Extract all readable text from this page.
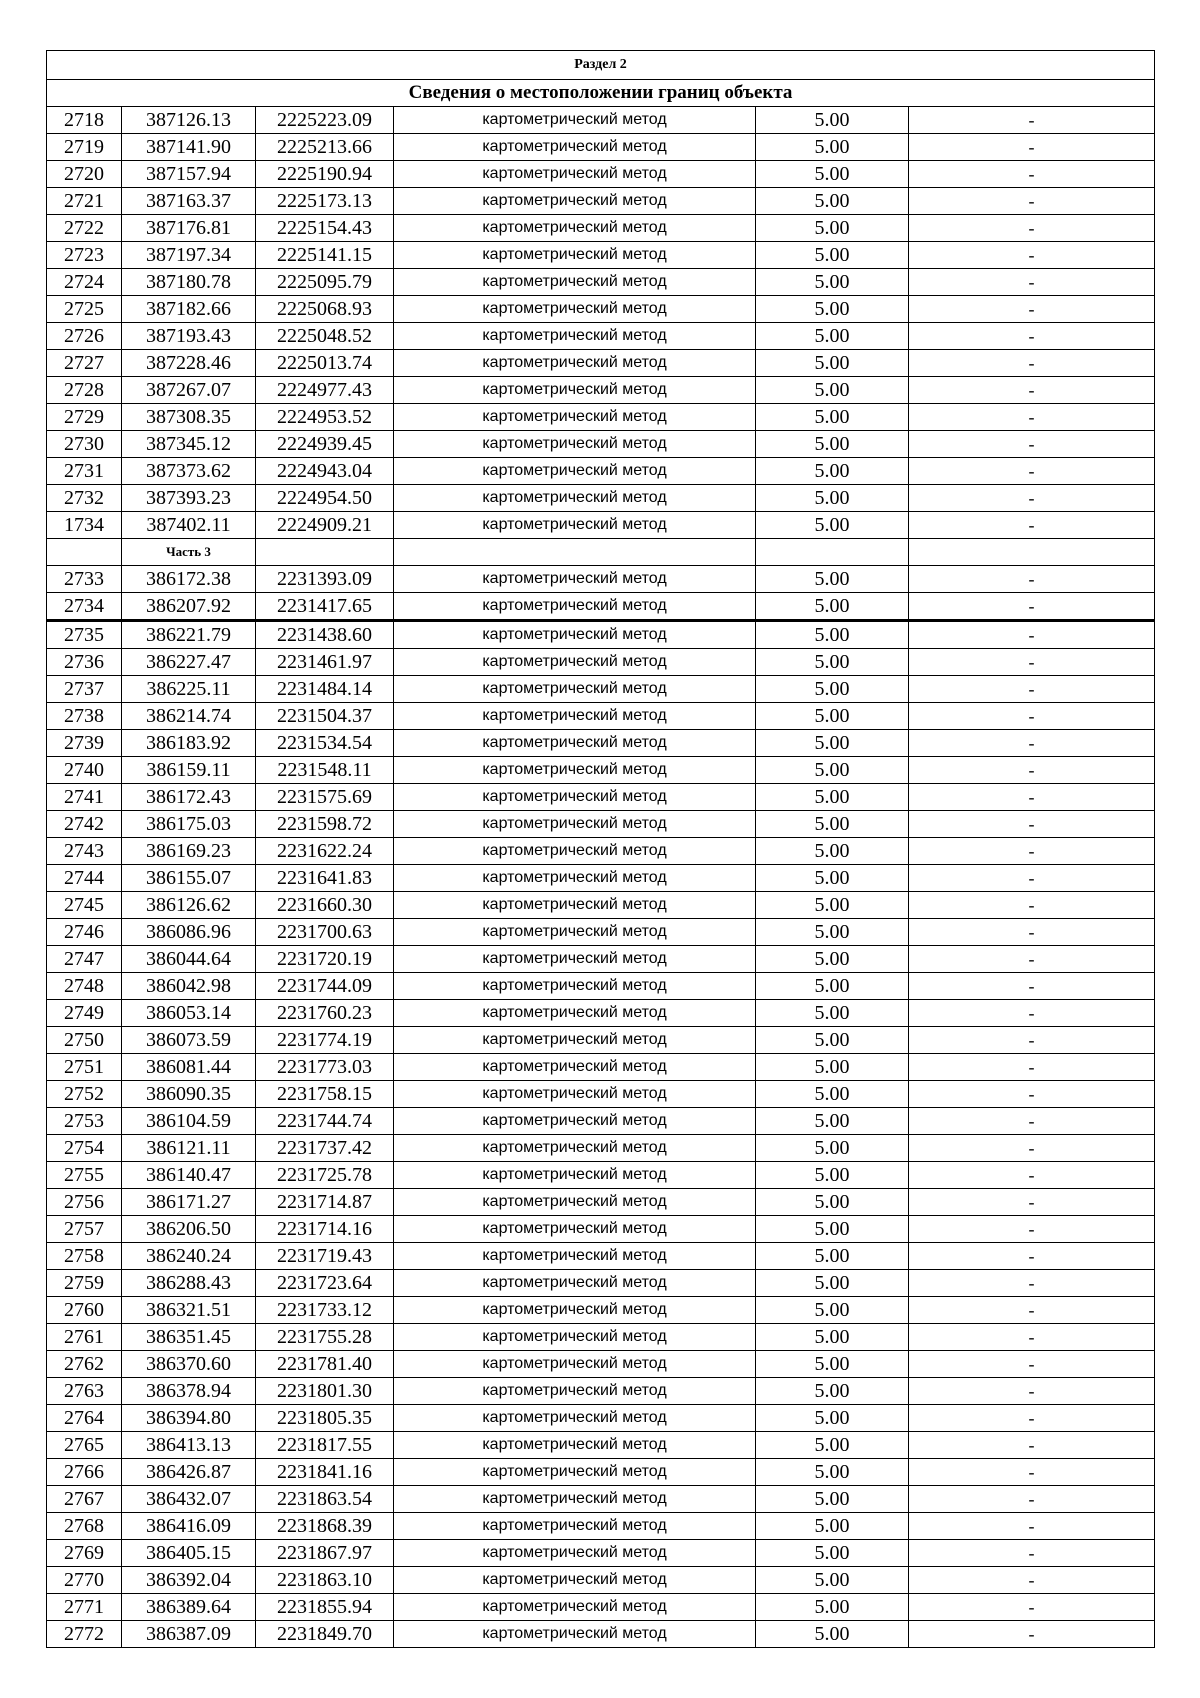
Раздел 2					
Сведения о местоположении границ объекта					
2718	387126.13	2225223.09	картометрический метод	5.00	-
2719	387141.90	2225213.66	картометрический метод	5.00	-
2720	387157.94	2225190.94	картометрический метод	5.00	-
2721	387163.37	2225173.13	картометрический метод	5.00	-
2722	387176.81	2225154.43	картометрический метод	5.00	-
2723	387197.34	2225141.15	картометрический метод	5.00	-
2724	387180.78	2225095.79	картометрический метод	5.00	-
2725	387182.66	2225068.93	картометрический метод	5.00	-
2726	387193.43	2225048.52	картометрический метод	5.00	-
2727	387228.46	2225013.74	картометрический метод	5.00	-
2728	387267.07	2224977.43	картометрический метод	5.00	-
2729	387308.35	2224953.52	картометрический метод	5.00	-
2730	387345.12	2224939.45	картометрический метод	5.00	-
2731	387373.62	2224943.04	картометрический метод	5.00	-
2732	387393.23	2224954.50	картометрический метод	5.00	-
1734	387402.11	2224909.21	картометрический метод	5.00	-
	Часть 3				
2733	386172.38	2231393.09	картометрический метод	5.00	-
2734	386207.92	2231417.65	картометрический метод	5.00	-
2735	386221.79	2231438.60	картометрический метод	5.00	-
2736	386227.47	2231461.97	картометрический метод	5.00	-
2737	386225.11	2231484.14	картометрический метод	5.00	-
2738	386214.74	2231504.37	картометрический метод	5.00	-
2739	386183.92	2231534.54	картометрический метод	5.00	-
2740	386159.11	2231548.11	картометрический метод	5.00	-
2741	386172.43	2231575.69	картометрический метод	5.00	-
2742	386175.03	2231598.72	картометрический метод	5.00	-
2743	386169.23	2231622.24	картометрический метод	5.00	-
2744	386155.07	2231641.83	картометрический метод	5.00	-
2745	386126.62	2231660.30	картометрический метод	5.00	-
2746	386086.96	2231700.63	картометрический метод	5.00	-
2747	386044.64	2231720.19	картометрический метод	5.00	-
2748	386042.98	2231744.09	картометрический метод	5.00	-
2749	386053.14	2231760.23	картометрический метод	5.00	-
2750	386073.59	2231774.19	картометрический метод	5.00	-
2751	386081.44	2231773.03	картометрический метод	5.00	-
2752	386090.35	2231758.15	картометрический метод	5.00	-
2753	386104.59	2231744.74	картометрический метод	5.00	-
2754	386121.11	2231737.42	картометрический метод	5.00	-
2755	386140.47	2231725.78	картометрический метод	5.00	-
2756	386171.27	2231714.87	картометрический метод	5.00	-
2757	386206.50	2231714.16	картометрический метод	5.00	-
2758	386240.24	2231719.43	картометрический метод	5.00	-
2759	386288.43	2231723.64	картометрический метод	5.00	-
2760	386321.51	2231733.12	картометрический метод	5.00	-
2761	386351.45	2231755.28	картометрический метод	5.00	-
2762	386370.60	2231781.40	картометрический метод	5.00	-
2763	386378.94	2231801.30	картометрический метод	5.00	-
2764	386394.80	2231805.35	картометрический метод	5.00	-
2765	386413.13	2231817.55	картометрический метод	5.00	-
2766	386426.87	2231841.16	картометрический метод	5.00	-
2767	386432.07	2231863.54	картометрический метод	5.00	-
2768	386416.09	2231868.39	картометрический метод	5.00	-
2769	386405.15	2231867.97	картометрический метод	5.00	-
2770	386392.04	2231863.10	картометрический метод	5.00	-
2771	386389.64	2231855.94	картометрический метод	5.00	-
2772	386387.09	2231849.70	картометрический метод	5.00	-
